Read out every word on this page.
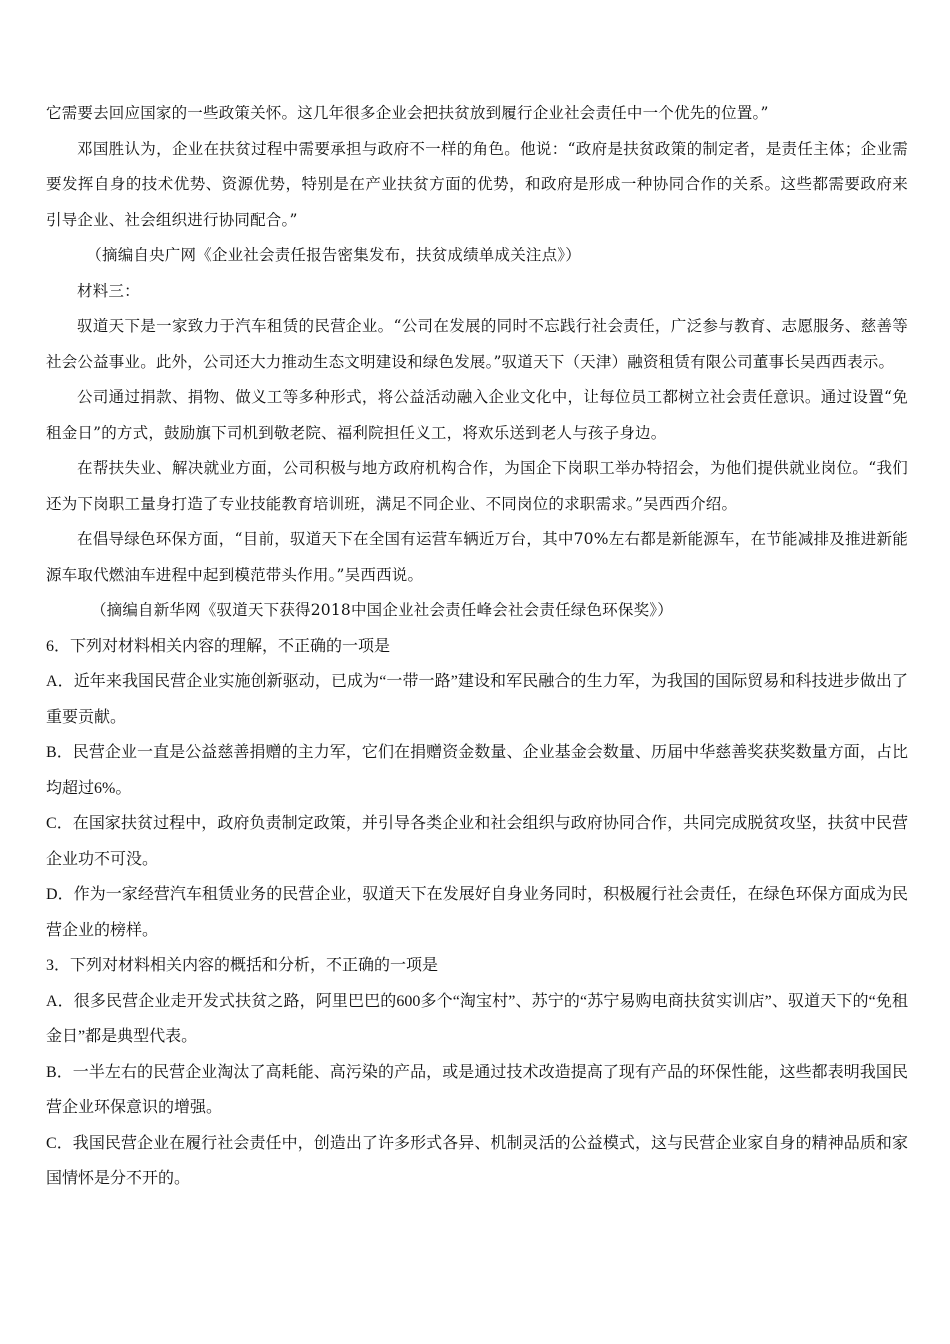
它需要去回应国家的一些政策关怀。这几年很多企业会把扶贫放到履行企业社会责任中一个优先的位置。”

邓国胜认为，企业在扶贫过程中需要承担与政府不一样的角色。他说：“政府是扶贫政策的制定者，是责任主体；企业需要发挥自身的技术优势、资源优势，特别是在产业扶贫方面的优势，和政府是形成一种协同合作的关系。这些都需要政府来引导企业、社会组织进行协同配合。”

（摘编自央广网《企业社会责任报告密集发布，扶贫成绩单成关注点》）

材料三：

驭道天下是一家致力于汽车租赁的民营企业。“公司在发展的同时不忘践行社会责任，广泛参与教育、志愿服务、慈善等社会公益事业。此外，公司还大力推动生态文明建设和绿色发展。”驭道天下（天津）融资租赁有限公司董事长吴西西表示。

公司通过捐款、捐物、做义工等多种形式，将公益活动融入企业文化中，让每位员工都树立社会责任意识。通过设置“免租金日”的方式，鼓励旗下司机到敬老院、福利院担任义工，将欢乐送到老人与孩子身边。

在帮扶失业、解决就业方面，公司积极与地方政府机构合作，为国企下岗职工举办特招会，为他们提供就业岗位。“我们还为下岗职工量身打造了专业技能教育培训班，满足不同企业、不同岗位的求职需求。”吴西西介绍。

在倡导绿色环保方面，“目前，驭道天下在全国有运营车辆近万台，其中70%左右都是新能源车，在节能减排及推进新能源车取代燃油车进程中起到模范带头作用。”吴西西说。

（摘编自新华网《驭道天下获得2018中国企业社会责任峰会社会责任绿色环保奖》）

6．下列对材料相关内容的理解，不正确的一项是

A．近年来我国民营企业实施创新驱动，已成为“一带一路”建设和军民融合的生力军，为我国的国际贸易和科技进步做出了重要贡献。

B．民营企业一直是公益慈善捐赠的主力军，它们在捐赠资金数量、企业基金会数量、历届中华慈善奖获奖数量方面，占比均超过6%。

C．在国家扶贫过程中，政府负责制定政策，并引导各类企业和社会组织与政府协同合作，共同完成脱贫攻坚，扶贫中民营企业功不可没。

D．作为一家经营汽车租赁业务的民营企业，驭道天下在发展好自身业务同时，积极履行社会责任，在绿色环保方面成为民营企业的榜样。

3．下列对材料相关内容的概括和分析，不正确的一项是

A．很多民营企业走开发式扶贫之路，阿里巴巴的600多个“淘宝村”、苏宁的“苏宁易购电商扶贫实训店”、驭道天下的“免租金日”都是典型代表。

B．一半左右的民营企业淘汰了高耗能、高污染的产品，或是通过技术改造提高了现有产品的环保性能，这些都表明我国民营企业环保意识的增强。

C．我国民营企业在履行社会责任中，创造出了许多形式各异、机制灵活的公益模式，这与民营企业家自身的精神品质和家国情怀是分不开的。
